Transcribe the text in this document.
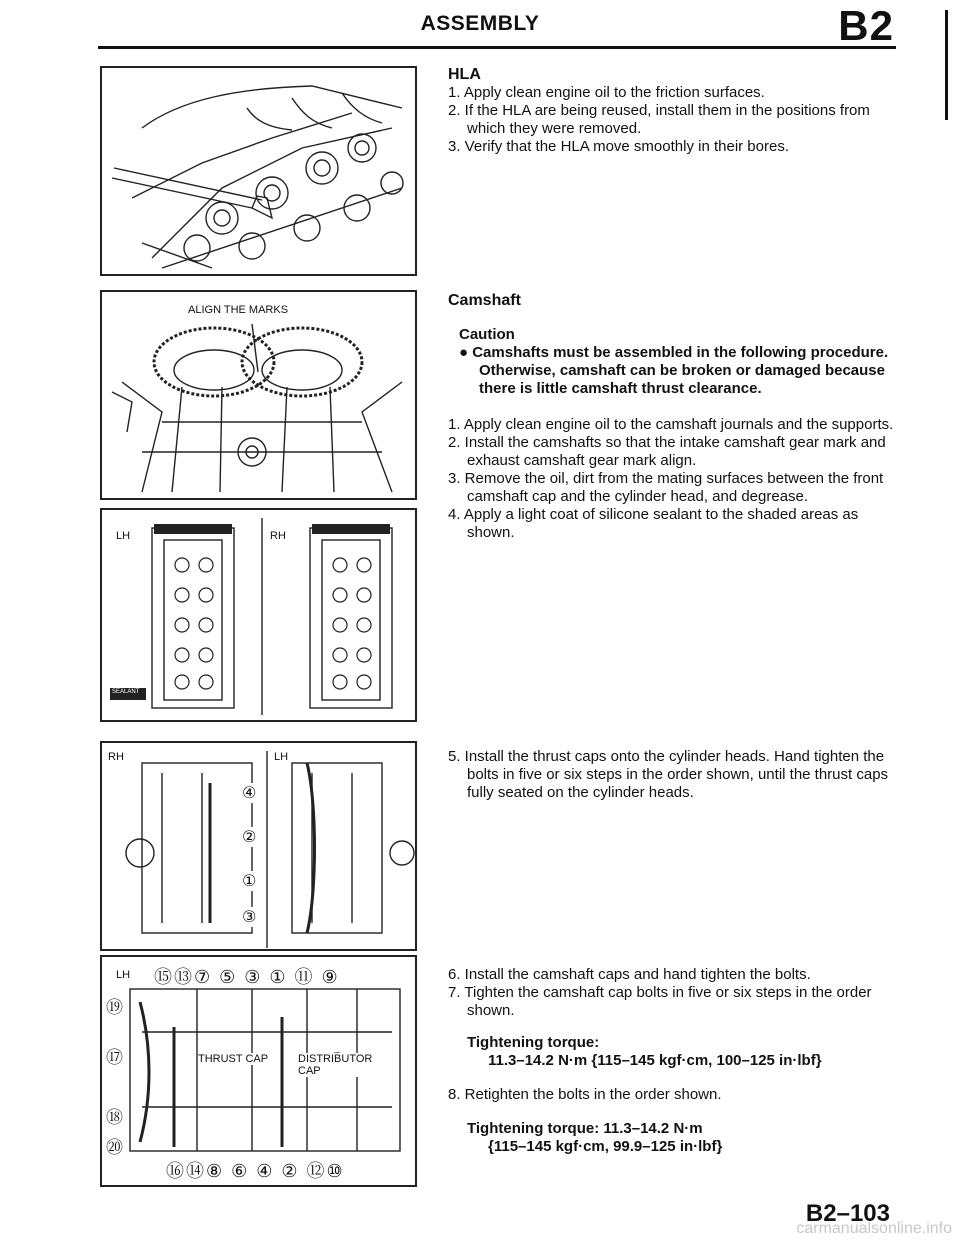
ASSEMBLY	B2
ALIGN THE MARKS
LH	RH
SEALANT
RH	LH
④
②
①
③
LH ⑮⑬⑦ ⑤ ③ ① ⑪ ⑨
⑯⑭⑧ ⑥ ④ ② ⑫⑩
⑲
⑰
⑱
⑳
THRUST CAP	DISTRIBUTOR CAP
HLA

1. Apply clean engine oil to the friction surfaces.

2. If the HLA are being reused, install them in the positions from which they were removed.

3. Verify that the HLA move smoothly in their bores.

Camshaft
Caution
● Camshafts must be assembled in the following procedure. Otherwise, camshaft can be broken or damaged because there is little camshaft thrust clearance.

1. Apply clean engine oil to the camshaft journals and the supports.

2. Install the camshafts so that the intake camshaft gear mark and exhaust camshaft gear mark align.

3. Remove the oil, dirt from the mating surfaces between the front camshaft cap and the cylinder head, and degrease.

4. Apply a light coat of silicone sealant to the shaded areas as shown.

5. Install the thrust caps onto the cylinder heads. Hand tighten the bolts in five or six steps in the order shown, until the thrust caps fully seated on the cylinder heads.

6. Install the camshaft caps and hand tighten the bolts.

7. Tighten the camshaft cap bolts in five or six steps in the order shown.

Tightening torque:
11.3–14.2 N·m {115–145 kgf·cm, 100–125 in·lbf}

8. Retighten the bolts in the order shown.

Tightening torque: 11.3–14.2 N·m
{115–145 kgf·cm, 99.9–125 in·lbf}
B2–103
carmanualsonline.info
